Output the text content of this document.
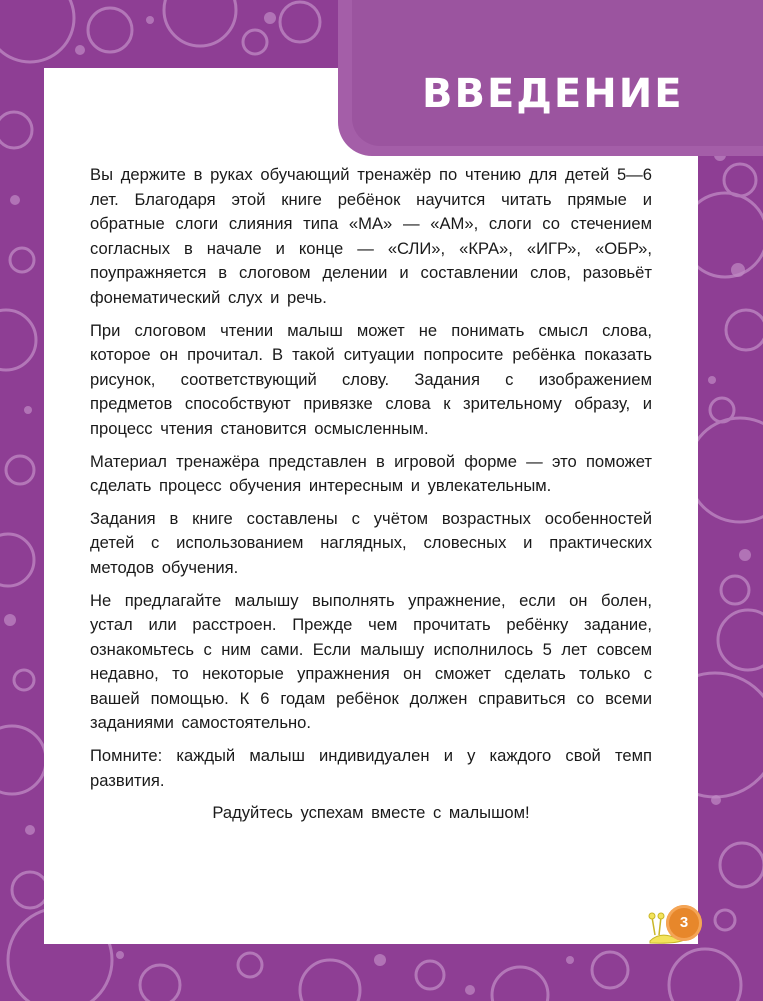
ВВЕДЕНИЕ

Вы держите в руках обучающий тренажёр по чтению для детей 5—6 лет. Благодаря этой книге ребёнок научится читать прямые и обратные слоги слияния типа «МА» — «АМ», слоги со стечением согласных в начале и конце — «СЛИ», «КРА», «ИГР», «ОБР», поупражняется в слоговом делении и составлении слов, разовьёт фонематический слух и речь.

При слоговом чтении малыш может не понимать смысл слова, которое он прочитал. В такой ситуации попросите ребёнка показать рисунок, соответствующий слову. Задания с изображением предметов способствуют привязке слова к зрительному образу, и процесс чтения становится осмысленным.

Материал тренажёра представлен в игровой форме — это поможет сделать процесс обучения интересным и увлекательным.

Задания в книге составлены с учётом возрастных особенностей детей с использованием наглядных, словесных и практических методов обучения.

Не предлагайте малышу выполнять упражнение, если он болен, устал или расстроен. Прежде чем прочитать ребёнку задание, ознакомьтесь с ним сами. Если малышу исполнилось 5 лет совсем недавно, то некоторые упражнения он сможет сделать только с вашей помощью. К 6 годам ребёнок должен справиться со всеми заданиями самостоятельно.

Помните: каждый малыш индивидуален и у каждого свой темп развития.

Радуйтесь успехам вместе с малышом!

3
